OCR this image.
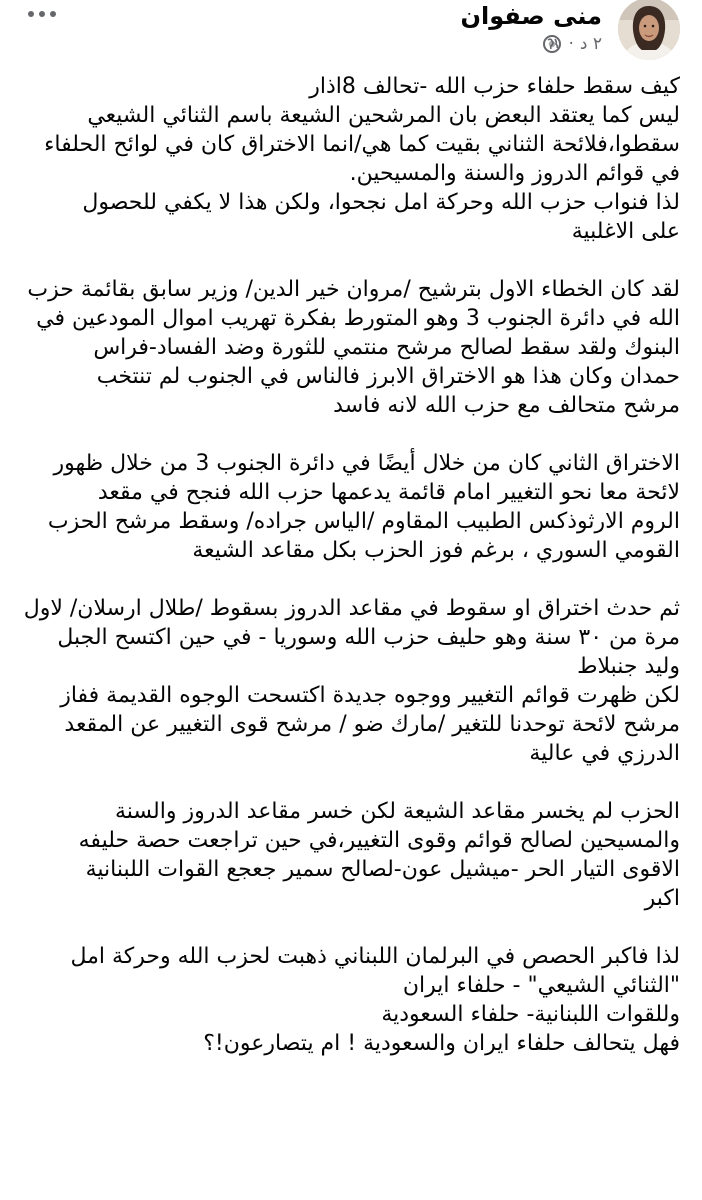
منى صفوان
٢ د
·
كيف سقط حلفاء حزب الله -تحالف 8اذار
ليس كما يعتقد البعض بان المرشحين الشيعة باسم الثنائي الشيعي
سقطوا،فلائحة الثناني بقيت كما هي/انما الاختراق كان في لوائح الحلفاء
في قوائم الدروز والسنة والمسيحين.
لذا فنواب حزب الله وحركة امل نجحوا، ولكن هذا لا يكفي للحصول
على الاغلبية
لقد كان الخطاء الاول بترشيح /مروان خير الدين/ وزير سابق بقائمة حزب
الله في دائرة الجنوب 3 وهو المتورط بفكرة تهريب اموال المودعين في
البنوك ولقد سقط لصالح مرشح منتمي للثورة وضد الفساد-فراس
حمدان وكان هذا هو الاختراق الابرز فالناس في الجنوب لم تنتخب
مرشح متحالف مع حزب الله لانه فاسد
الاختراق الثاني كان من خلال أيضًا في دائرة الجنوب 3 من خلال ظهور
لائحة معا نحو التغيير امام قائمة يدعمها حزب الله فنجح في مقعد
الروم الارثوذكس الطبيب المقاوم /الياس جراده/ وسقط مرشح الحزب
القومي السوري ، برغم فوز الحزب بكل مقاعد الشيعة
ثم حدث اختراق او سقوط في مقاعد الدروز بسقوط /طلال ارسلان/ لاول
مرة من ٣٠ سنة وهو حليف حزب الله وسوريا - في حين اكتسح الجبل
وليد جنبلاط
لكن ظهرت قوائم التغيير ووجوه جديدة اكتسحت الوجوه القديمة ففاز
مرشح لائحة توحدنا للتغير /مارك ضو / مرشح قوى التغيير عن المقعد
الدرزي في عالية
الحزب لم يخسر مقاعد الشيعة لكن خسر مقاعد الدروز والسنة
والمسيحين لصالح قوائم وقوى التغيير،في حين تراجعت حصة حليفه
الاقوى التيار الحر -ميشيل عون-لصالح سمير جعجع القوات اللبنانية
اكبر
لذا فاكبر الحصص في البرلمان اللبناني ذهبت لحزب الله وحركة امل
"الثنائي الشيعي" - حلفاء ايران
وللقوات اللبنانية- حلفاء السعودية
فهل يتحالف حلفاء ايران والسعودية ! ام يتصارعون!؟
